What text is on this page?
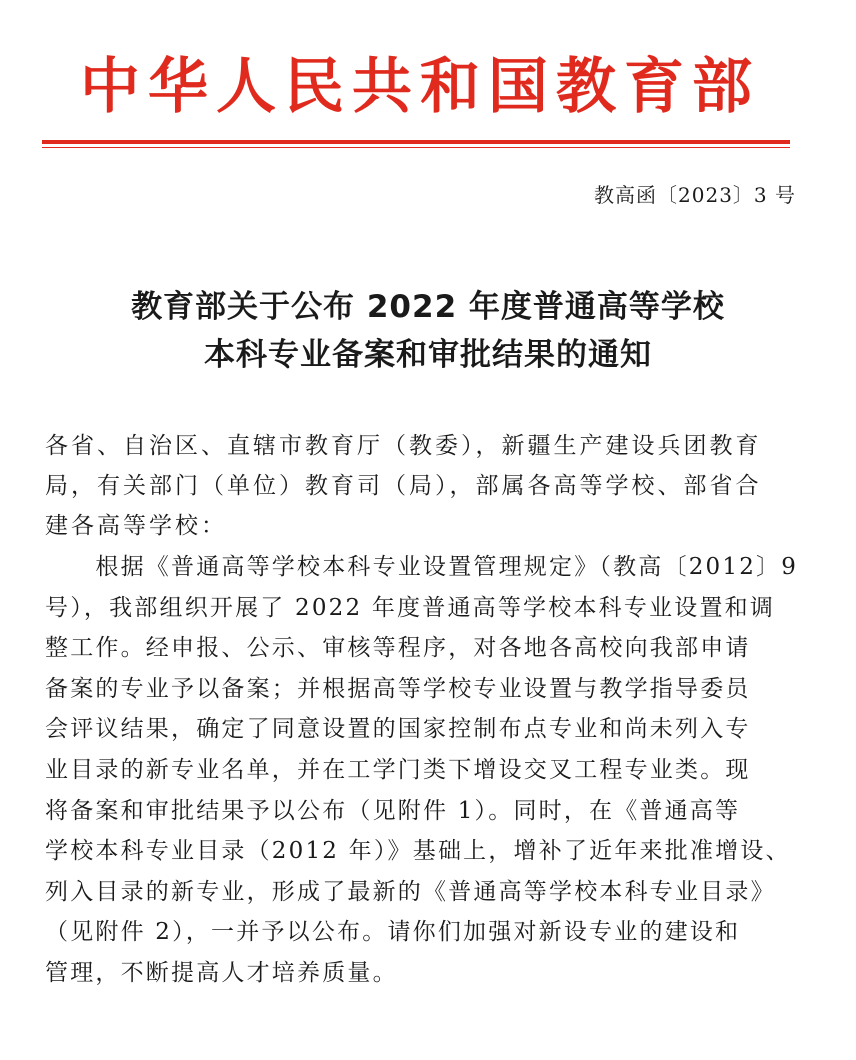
中华人民共和国教育部
教高函〔2023〕3 号
教育部关于公布 2022 年度普通高等学校
本科专业备案和审批结果的通知
各省、自治区、直辖市教育厅（教委），新疆生产建设兵团教育
局，有关部门（单位）教育司（局），部属各高等学校、部省合
建各高等学校：
　　根据《普通高等学校本科专业设置管理规定》（教高〔2012〕9
号），我部组织开展了 2022 年度普通高等学校本科专业设置和调
整工作。经申报、公示、审核等程序，对各地各高校向我部申请
备案的专业予以备案；并根据高等学校专业设置与教学指导委员
会评议结果，确定了同意设置的国家控制布点专业和尚未列入专
业目录的新专业名单，并在工学门类下增设交叉工程专业类。现
将备案和审批结果予以公布（见附件 1）。同时，在《普通高等
学校本科专业目录（2012 年）》基础上，增补了近年来批准增设、
列入目录的新专业，形成了最新的《普通高等学校本科专业目录》
（见附件 2），一并予以公布。请你们加强对新设专业的建设和
管理，不断提高人才培养质量。
